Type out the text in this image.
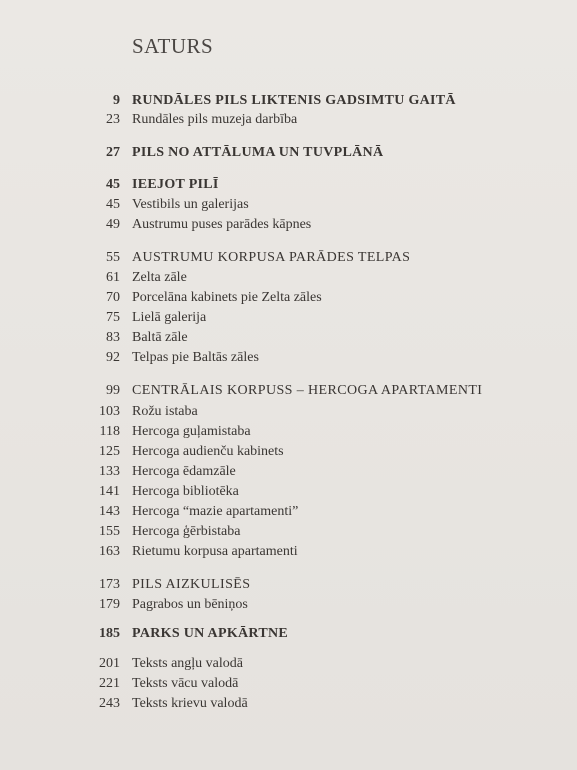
SATURS
9 RUNDĀLES PILS LIKTENIS GADSIMTU GAITĀ
23 Rundāles pils muzeja darbība
27 PILS NO ATTĀLUMA UN TUVPLĀNĀ
45 IEEJOT PILĪ
45 Vestibils un galerijas
49 Austrumu puses parādes kāpnes
55 AUSTRUMU KORPUSA PARĀDES TELPAS
61 Zelta zāle
70 Porcelāna kabinets pie Zelta zāles
75 Lielā galerija
83 Baltā zāle
92 Telpas pie Baltās zāles
99 CENTRĀLAIS KORPUSS – HERCOGA APARTAMENTI
103 Rožu istaba
118 Hercoga guļamistaba
125 Hercoga audienču kabinets
133 Hercoga ēdamzāle
141 Hercoga bibliotēka
143 Hercoga “mazie apartamenti”
155 Hercoga ģērbistaba
163 Rietumu korpusa apartamenti
173 PILS AIZKULISĒS
179 Pagrabos un bēniņos
185 PARKS UN APKĀRTNE
201 Teksts angļu valodā
221 Teksts vācu valodā
243 Teksts krievu valodā
